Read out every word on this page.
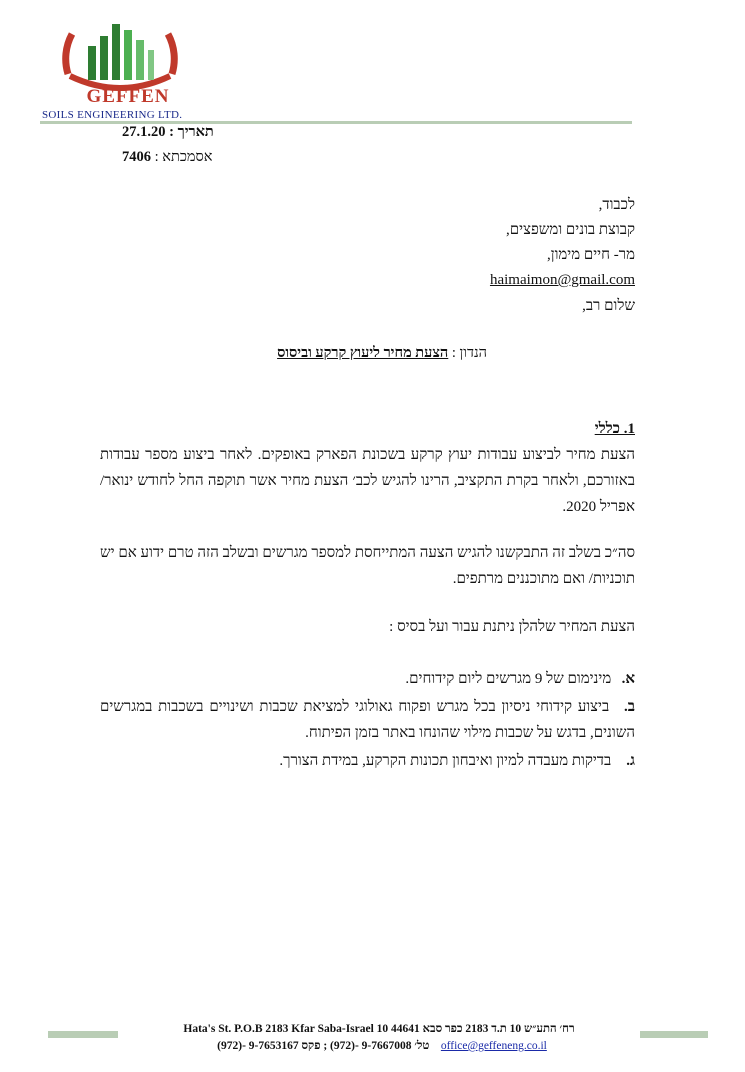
GEFFEN
SOILS ENGINEERING LTD.
תאריך : 27.1.20
אסמכתא : 7406
לכבוד,
קבוצת בונים ומשפצים,
מר- חיים מימון,
haimaimon@gmail.com
שלום רב,
הנדון : הצעת מחיר ליעוץ קרקע וביסוס
1. כללי
הצעת מחיר לביצוע עבודות יעוץ קרקע בשכונת הפארק באופקים. לאחר ביצוע מספר עבודות באזורכם, ולאחר בקרת התקציב, הרינו להגיש לכב׳ הצעת מחיר אשר תוקפה החל לחודש ינואר/ אפריל 2020.
סה״כ בשלב זה התבקשנו להגיש הצעה המתייחסת למספר מגרשים ובשלב הזה טרם ידוע אם יש תוכניות/ ואם מתוכננים מרתפים.
הצעת המחיר שלהלן ניתנת עבור ועל בסיס :
א. מינימום של 9 מגרשים ליום קידוחים.
ב. ביצוע קידוחי ניסיון בכל מגרש ופקוח גאולוגי למציאת שכבות ושינויים בשכבות במגרשים השונים, בדגש על שכבות מילוי שהונחו באתר בזמן הפיתוח.
ג. בדיקות מעבדה למיון ואיבחון תכונות הקרקע, במידת הצורך.
רח׳ התע״ש 10 ת.ד 2183 כפר סבא 44641 10 Hata's St. P.O.B 2183 Kfar Saba-Israel
office@geffeneng.co.il    טל׳ 9-7667008 -(972) ; פקס 9-7653167 -(972)
